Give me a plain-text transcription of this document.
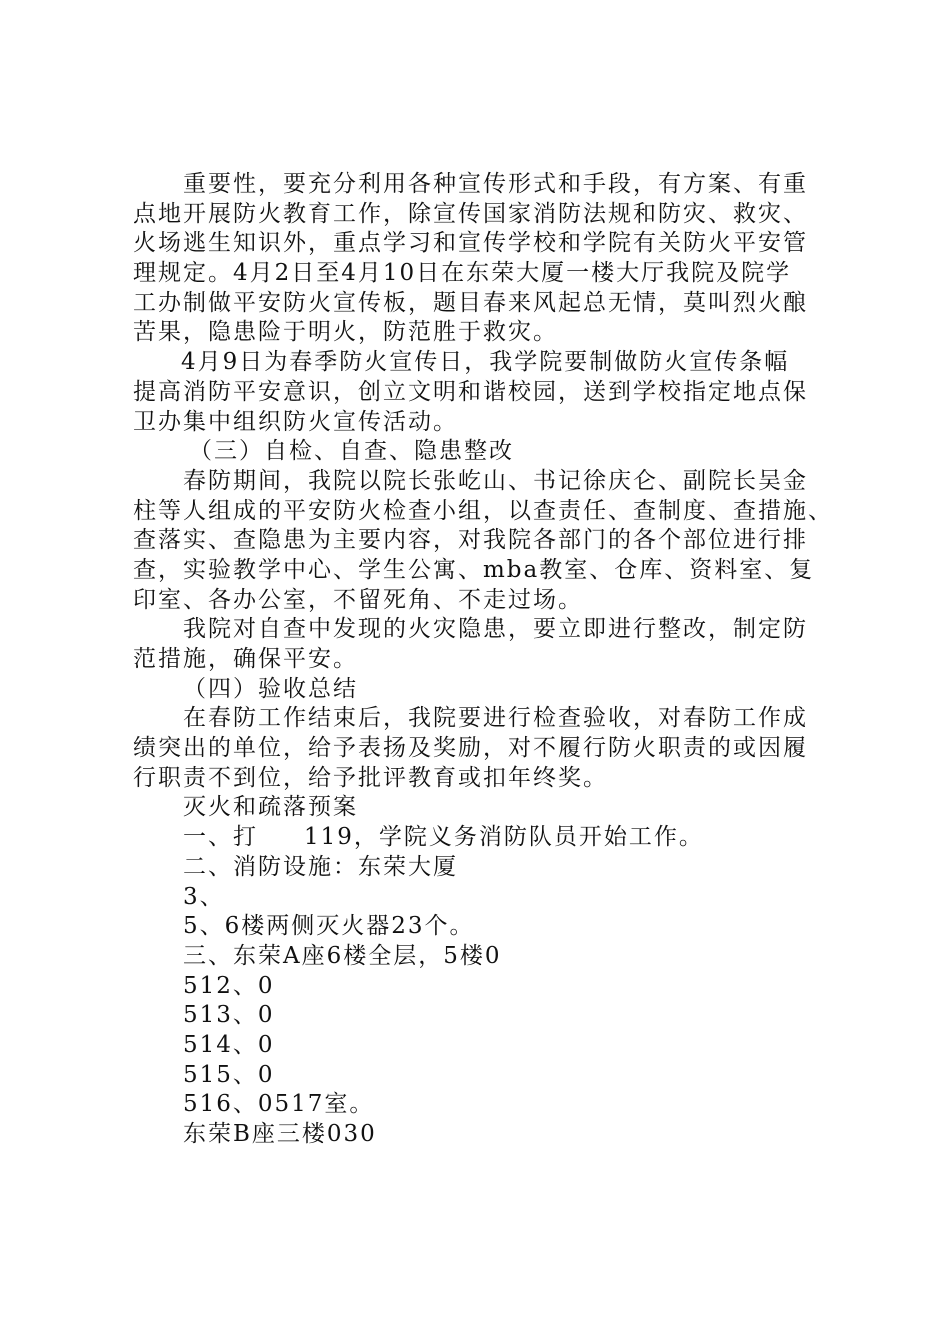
重要性，要充分利用各种宣传形式和手段，有方案、有重
点地开展防火教育工作，除宣传国家消防法规和防灾、救灾、
火场逃生知识外，重点学习和宣传学校和学院有关防火平安管
理规定。4月2日至4月10日在东荣大厦一楼大厅我院及院学
工办制做平安防火宣传板，题目春来风起总无情，莫叫烈火酿
苦果，隐患险于明火，防范胜于救灾。
4月9日为春季防火宣传日，我学院要制做防火宣传条幅
提高消防平安意识，创立文明和谐校园，送到学校指定地点保
卫办集中组织防火宣传活动。
（三）自检、自查、隐患整改
春防期间，我院以院长张屹山、书记徐庆仑、副院长吴金
柱等人组成的平安防火检查小组，以查责任、查制度、查措施、
查落实、查隐患为主要内容，对我院各部门的各个部位进行排
查，实验教学中心、学生公寓、mba教室、仓库、资料室、复
印室、各办公室，不留死角、不走过场。
我院对自查中发现的火灾隐患，要立即进行整改，制定防
范措施，确保平安。
（四）验收总结
在春防工作结束后，我院要进行检查验收，对春防工作成
绩突出的单位，给予表扬及奖励，对不履行防火职责的或因履
行职责不到位，给予批评教育或扣年终奖。
灭火和疏落预案
一、打 119，学院义务消防队员开始工作。
二、消防设施：东荣大厦
3、
5、6楼两侧灭火器23个。
三、东荣A座6楼全层，5楼0
512、0
513、0
514、0
515、0
516、0517室。
东荣B座三楼030
